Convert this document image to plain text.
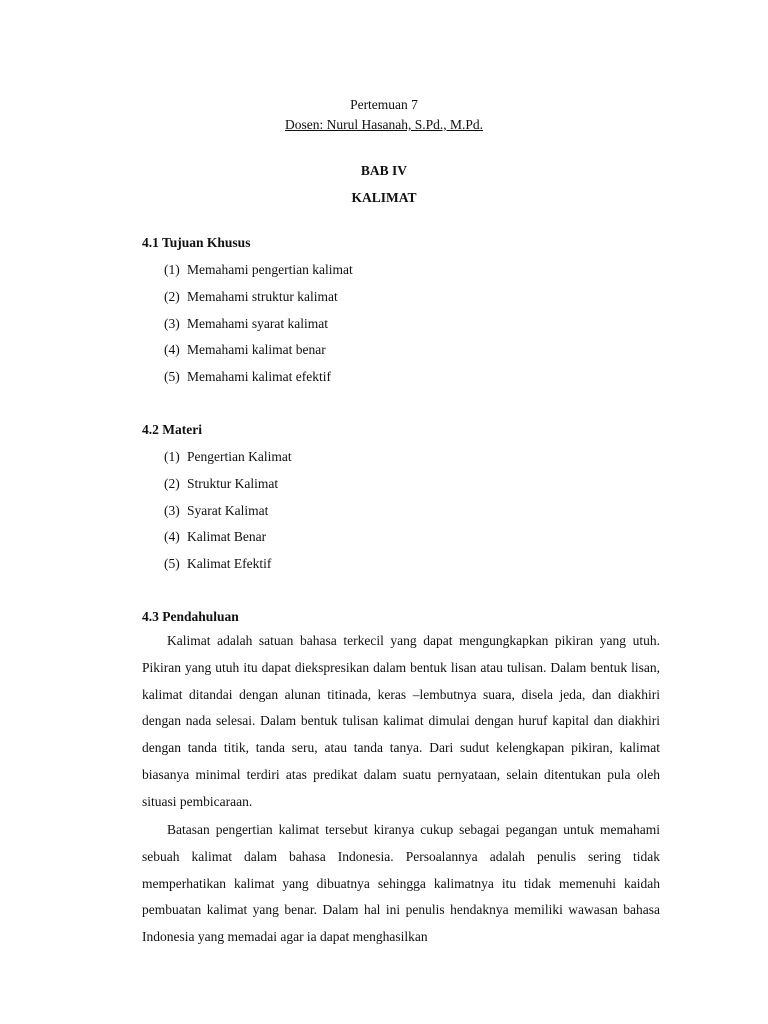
Pertemuan 7
Dosen: Nurul Hasanah, S.Pd., M.Pd.
BAB IV
KALIMAT
4.1 Tujuan Khusus
(1) Memahami pengertian kalimat
(2) Memahami struktur kalimat
(3) Memahami syarat kalimat
(4) Memahami kalimat benar
(5) Memahami kalimat efektif
4.2 Materi
(1) Pengertian Kalimat
(2) Struktur Kalimat
(3) Syarat Kalimat
(4) Kalimat Benar
(5) Kalimat Efektif
4.3 Pendahuluan

Kalimat adalah satuan bahasa terkecil yang dapat mengungkapkan pikiran yang utuh. Pikiran yang utuh itu dapat diekspresikan dalam bentuk lisan atau tulisan. Dalam bentuk lisan, kalimat ditandai dengan alunan titinada, keras –lembutnya suara, disela jeda, dan diakhiri dengan nada selesai. Dalam bentuk tulisan kalimat dimulai dengan huruf kapital dan diakhiri dengan tanda titik, tanda seru, atau tanda tanya. Dari sudut kelengkapan pikiran, kalimat biasanya minimal terdiri atas predikat dalam suatu pernyataan, selain ditentukan pula oleh situasi pembicaraan.

Batasan pengertian kalimat tersebut kiranya cukup sebagai pegangan untuk memahami sebuah kalimat dalam bahasa Indonesia. Persoalannya adalah penulis sering tidak memperhatikan kalimat yang dibuatnya sehingga kalimatnya itu tidak memenuhi kaidah pembuatan kalimat yang benar. Dalam hal ini penulis hendaknya memiliki wawasan bahasa Indonesia yang memadai agar ia dapat menghasilkan
